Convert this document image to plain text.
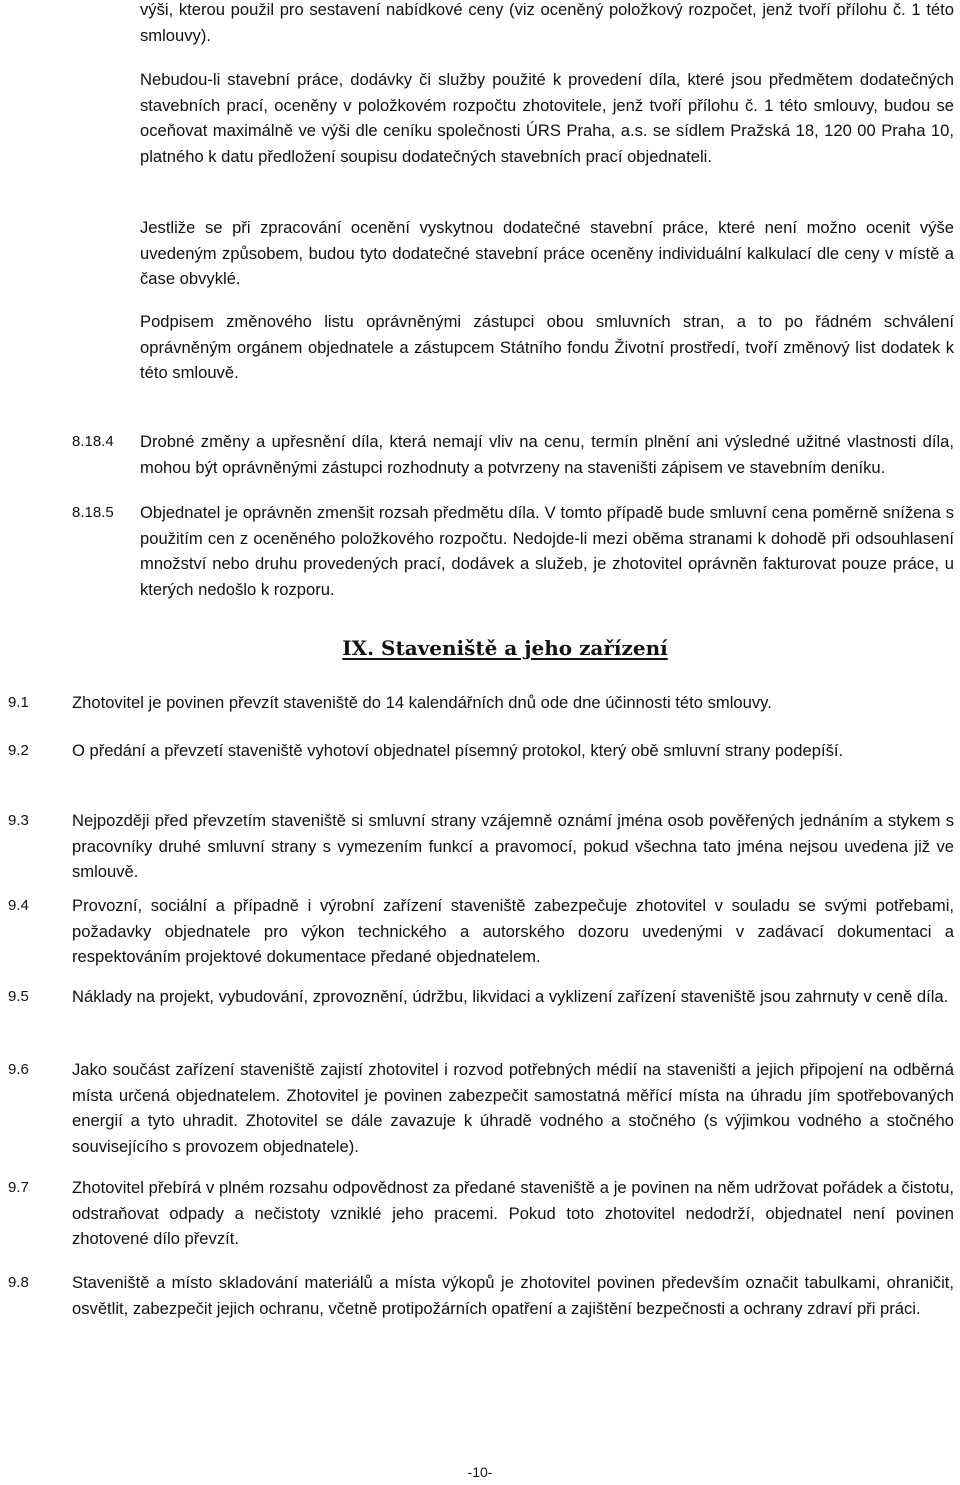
výši, kterou použil pro sestavení nabídkové ceny (viz oceněný položkový rozpočet, jenž tvoří přílohu č. 1 této smlouvy).

Nebudou-li stavební práce, dodávky či služby použité k provedení díla, které jsou předmětem dodatečných stavebních prací, oceněny v položkovém rozpočtu zhotovitele, jenž tvoří přílohu č. 1 této smlouvy, budou se oceňovat maximálně ve výši dle ceníku společnosti ÚRS Praha, a.s. se sídlem Pražská 18, 120 00 Praha 10, platného k datu předložení soupisu dodatečných stavebních prací objednateli.

Jestliže se při zpracování ocenění vyskytnou dodatečné stavební práce, které není možno ocenit výše uvedeným způsobem, budou tyto dodatečné stavební práce oceněny individuální kalkulací dle ceny v místě a čase obvyklé.

Podpisem změnového listu oprávněnými zástupci obou smluvních stran, a to po řádném schválení oprávněným orgánem objednatele a zástupcem Státního fondu Životní prostředí, tvoří změnový list dodatek k této smlouvě.

8.18.4 Drobné změny a upřesnění díla, která nemají vliv na cenu, termín plnění ani výsledné užitné vlastnosti díla, mohou být oprávněnými zástupci rozhodnuty a potvrzeny na staveništi zápisem ve stavebním deníku.

8.18.5 Objednatel je oprávněn zmenšit rozsah předmětu díla. V tomto případě bude smluvní cena poměrně snížena s použitím cen z oceněného položkového rozpočtu. Nedojde-li mezi oběma stranami k dohodě při odsouhlasení množství nebo druhu provedených prací, dodávek a služeb, je zhotovitel oprávněn fakturovat pouze práce, u kterých nedošlo k rozporu.

IX. Staveniště a jeho zařízení
9.1	Zhotovitel je povinen převzít staveniště do 14 kalendářních dnů ode dne účinnosti této smlouvy.

9.2	O předání a převzetí staveniště vyhotoví objednatel písemný protokol, který obě smluvní strany podepíší.

9.3	Nejpozději před převzetím staveniště si smluvní strany vzájemně oznámí jména osob pověřených jednáním a stykem s pracovníky druhé smluvní strany s vymezením funkcí a pravomocí, pokud všechna tato jména nejsou uvedena již ve smlouvě.

9.4	Provozní, sociální a případně i výrobní zařízení staveniště zabezpečuje zhotovitel v souladu se svými potřebami, požadavky objednatele pro výkon technického a autorského dozoru uvedenými v zadávací dokumentaci a respektováním projektové dokumentace předané objednatelem.

9.5	Náklady na projekt, vybudování, zprovoznění, údržbu, likvidaci a vyklizení zařízení staveniště jsou zahrnuty v ceně díla.

9.6	Jako součást zařízení staveniště zajistí zhotovitel i rozvod potřebných médií na staveništi a jejich připojení na odběrná místa určená objednatelem. Zhotovitel je povinen zabezpečit samostatná měřící místa na úhradu jím spotřebovaných energií a tyto uhradit. Zhotovitel se dále zavazuje k úhradě vodného a stočného (s výjimkou vodného a stočného souvisejícího s provozem objednatele).

9.7	Zhotovitel přebírá v plném rozsahu odpovědnost za předané staveniště a je povinen na něm udržovat pořádek a čistotu, odstraňovat odpady a nečistoty vzniklé jeho pracemi. Pokud toto zhotovitel nedodrží, objednatel není povinen zhotovené dílo převzít.

9.8	Staveniště a místo skladování materiálů a místa výkopů je zhotovitel povinen především označit tabulkami, ohraničit, osvětlit, zabezpečit jejich ochranu, včetně protipožárních opatření a zajištění bezpečnosti a ochrany zdraví při práci.

-10-
